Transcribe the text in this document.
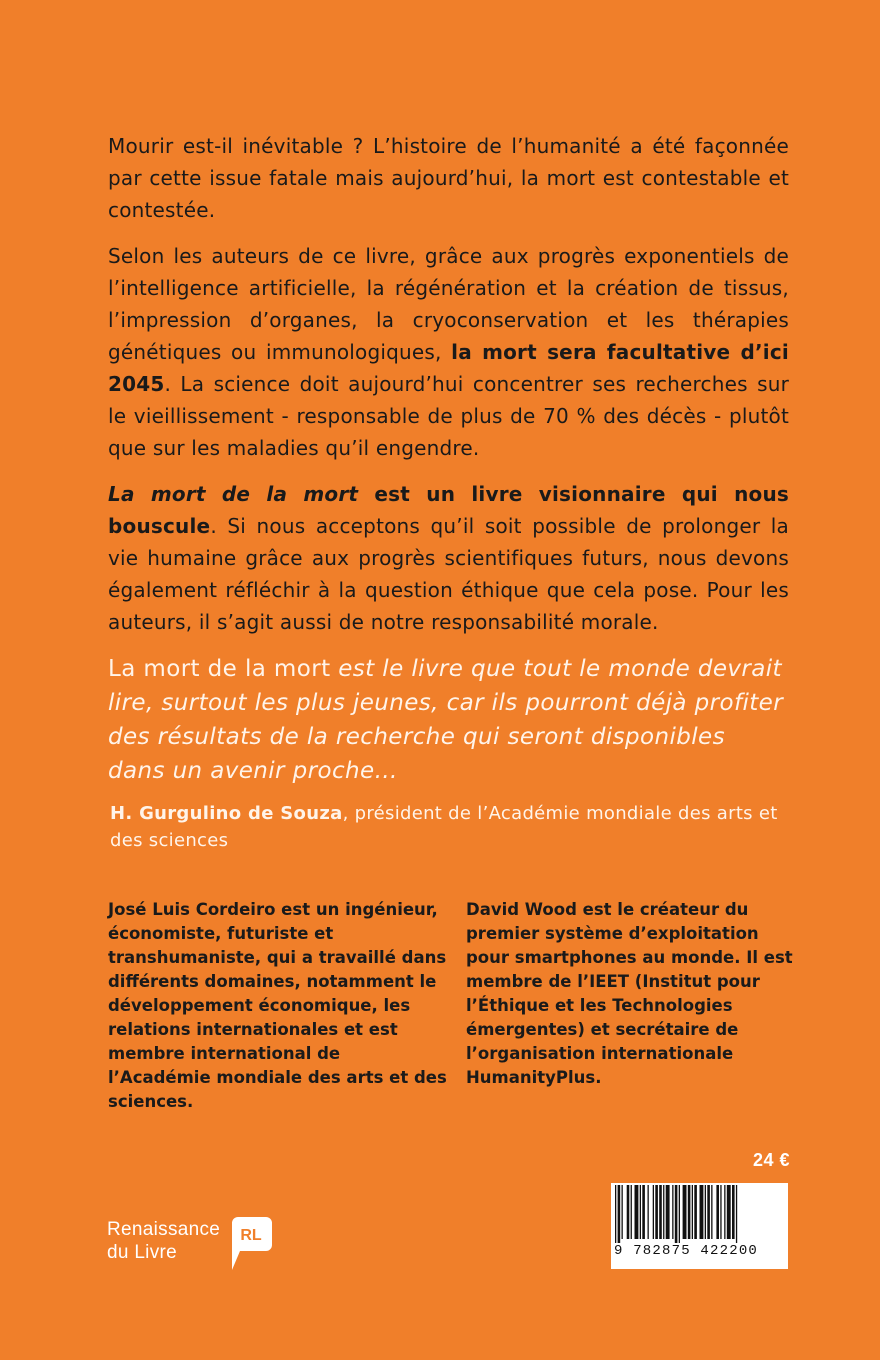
Mourir est-il inévitable ? L’histoire de l’humanité a été façonnée par cette issue fatale mais aujourd’hui, la mort est contestable et contestée.

Selon les auteurs de ce livre, grâce aux progrès exponentiels de l’intelligence artificielle, la régénération et la création de tissus, l’impression d’organes, la cryoconservation et les thérapies génétiques ou immunologiques, la mort sera facultative d’ici 2045. La science doit aujourd’hui concentrer ses recherches sur le vieillissement - responsable de plus de 70 % des décès - plutôt que sur les maladies qu’il engendre.

La mort de la mort est un livre visionnaire qui nous bouscule. Si nous acceptons qu’il soit possible de prolonger la vie humaine grâce aux progrès scientifiques futurs, nous devons également réfléchir à la question éthique que cela pose. Pour les auteurs, il s’agit aussi de notre responsabilité morale.

La mort de la mort est le livre que tout le monde devrait lire, surtout les plus jeunes, car ils pourront déjà profiter des résultats de la recherche qui seront disponibles dans un avenir proche…

H. Gurgulino de Souza, président de l’Académie mondiale des arts et des sciences

José Luis Cordeiro est un ingénieur, économiste, futuriste et transhumaniste, qui a travaillé dans différents domaines, notamment le développement économique, les relations internationales et est membre international de l’Académie mondiale des arts et des sciences.
David Wood est le créateur du premier système d’exploitation pour smartphones au monde. Il est membre de l’IEET (Institut pour l’Éthique et les Technologies émergentes) et secrétaire de l’organisation internationale HumanityPlus.
24 €
9 782875 422200
Renaissance
du Livre
RL
